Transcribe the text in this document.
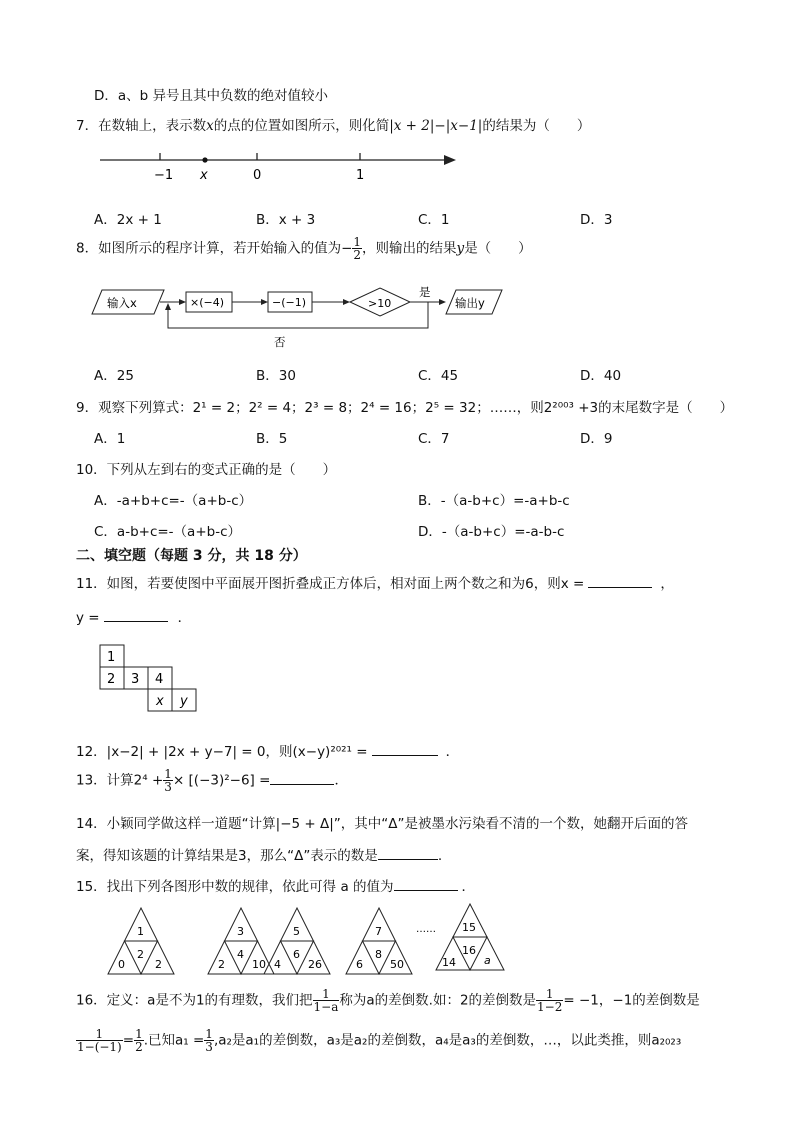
D．a、b 异号且其中负数的绝对值较小
7．在数轴上，表示数x的点的位置如图所示，则化简|x + 2|−|x−1|的结果为（　　）
−1 x	0	1
A．2x + 1	B．x + 3	C．1	D．3
8．如图所示的程序计算，若开始输入的值为− $\frac{1}{2}$ ，则输出的结果y是（　　）
输入x	×(−4)	−(−1)	>10
是
输出y
否
A．25	B．30	C．45	D．40
9．观察下列算式：2¹ = 2；2² = 4；2³ = 8；2⁴ = 16；2⁵ = 32；……，则2²⁰⁰³ +3的末尾数字是（　　）
A．1	B．5	C．7	D．9
10．下列从左到右的变式正确的是（　　）
A．-a+b+c=-（a+b-c）	B．-（a-b+c）=-a+b-c
C．a-b+c=-（a+b-c）	D．-（a-b+c）=-a-b-c
二、填空题（每题 3 分，共 18 分）
11．如图，若要使图中平面展开图折叠成正方体后，相对面上两个数之和为6，则x =	，
y =	．
1
2 3 4
x y
12．|x−2| + |2x + y−7| = 0，则(x−y)²⁰²¹ =	．
13．计算$2^4 + \frac{1}{3} \times [(-3)^2-6]$ =	．
14．小颖同学做这样一道题“计算|−5 + Δ|”，其中“Δ”是被墨水污染看不清的一个数，她翻开后面的答
案，得知该题的计算结果是3，那么“Δ”表示的数是	.
15．找出下列各图形中数的规律，依此可得 a 的值为	．
1
2
0	2
3
4
2 10
5
6
4 26
7
8
6 50
15
16
14	a
……
16．定义：a是不为1的有理数，我们把 $\frac{1}{1-a}$ 称为a的差倒数.如：2的差倒数是 $\frac{1}{1-2} = -1$，−1的差倒数是
$\frac{1}{1-(-1)} = \frac{1}{2}$ .已知$a_1 = \frac{1}{3} ,a_2$是a₁的差倒数，a₃是a₂的差倒数，a₄是a₃的差倒数，…，以此类推，则a₂₀₂₃
